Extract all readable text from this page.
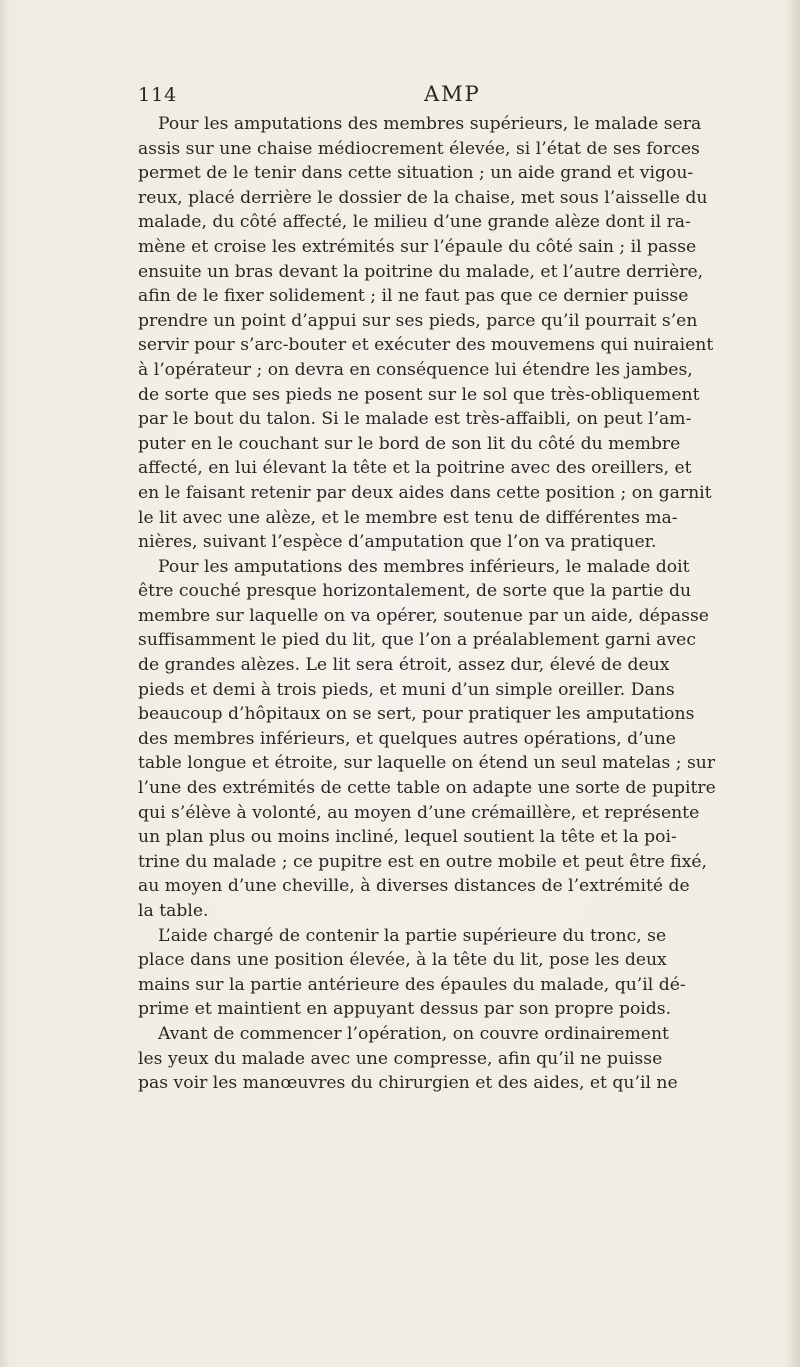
114	AMP
Pour les amputations des membres supérieurs, le malade sera
assis sur une chaise médiocrement élevée, si l’état de ses forces
permet de le tenir dans cette situation ; un aide grand et vigou-
reux, placé derrière le dossier de la chaise, met sous l’aisselle du
malade, du côté affecté, le milieu d’une grande alèze dont il ra-
mène et croise les extrémités sur l’épaule du côté sain ; il passe
ensuite un bras devant la poitrine du malade, et l’autre derrière,
afin de le fixer solidement ; il ne faut pas que ce dernier puisse
prendre un point d’appui sur ses pieds, parce qu’il pourrait s’en
servir pour s’arc-bouter et exécuter des mouvemens qui nuiraient
à l’opérateur ; on devra en conséquence lui étendre les jambes,
de sorte que ses pieds ne posent sur le sol que très-obliquement
par le bout du talon. Si le malade est très-affaibli, on peut l’am-
puter en le couchant sur le bord de son lit du côté du membre
affecté, en lui élevant la tête et la poitrine avec des oreillers, et
en le faisant retenir par deux aides dans cette position ; on garnit
le lit avec une alèze, et le membre est tenu de différentes ma-
nières, suivant l’espèce d’amputation que l’on va pratiquer.
Pour les amputations des membres inférieurs, le malade doit
être couché presque horizontalement, de sorte que la partie du
membre sur laquelle on va opérer, soutenue par un aide, dépasse
suffisamment le pied du lit, que l’on a préalablement garni avec
de grandes alèzes. Le lit sera étroit, assez dur, élevé de deux
pieds et demi à trois pieds, et muni d’un simple oreiller. Dans
beaucoup d’hôpitaux on se sert, pour pratiquer les amputations
des membres inférieurs, et quelques autres opérations, d’une
table longue et étroite, sur laquelle on étend un seul matelas ; sur
l’une des extrémités de cette table on adapte une sorte de pupitre
qui s’élève à volonté, au moyen d’une crémaillère, et représente
un plan plus ou moins incliné, lequel soutient la tête et la poi-
trine du malade ; ce pupitre est en outre mobile et peut être fixé,
au moyen d’une cheville, à diverses distances de l’extrémité de
la table.
L’aide chargé de contenir la partie supérieure du tronc, se
place dans une position élevée, à la tête du lit, pose les deux
mains sur la partie antérieure des épaules du malade, qu’il dé-
prime et maintient en appuyant dessus par son propre poids.
Avant de commencer l’opération, on couvre ordinairement
les yeux du malade avec une compresse, afin qu’il ne puisse
pas voir les manœuvres du chirurgien et des aides, et qu’il ne
